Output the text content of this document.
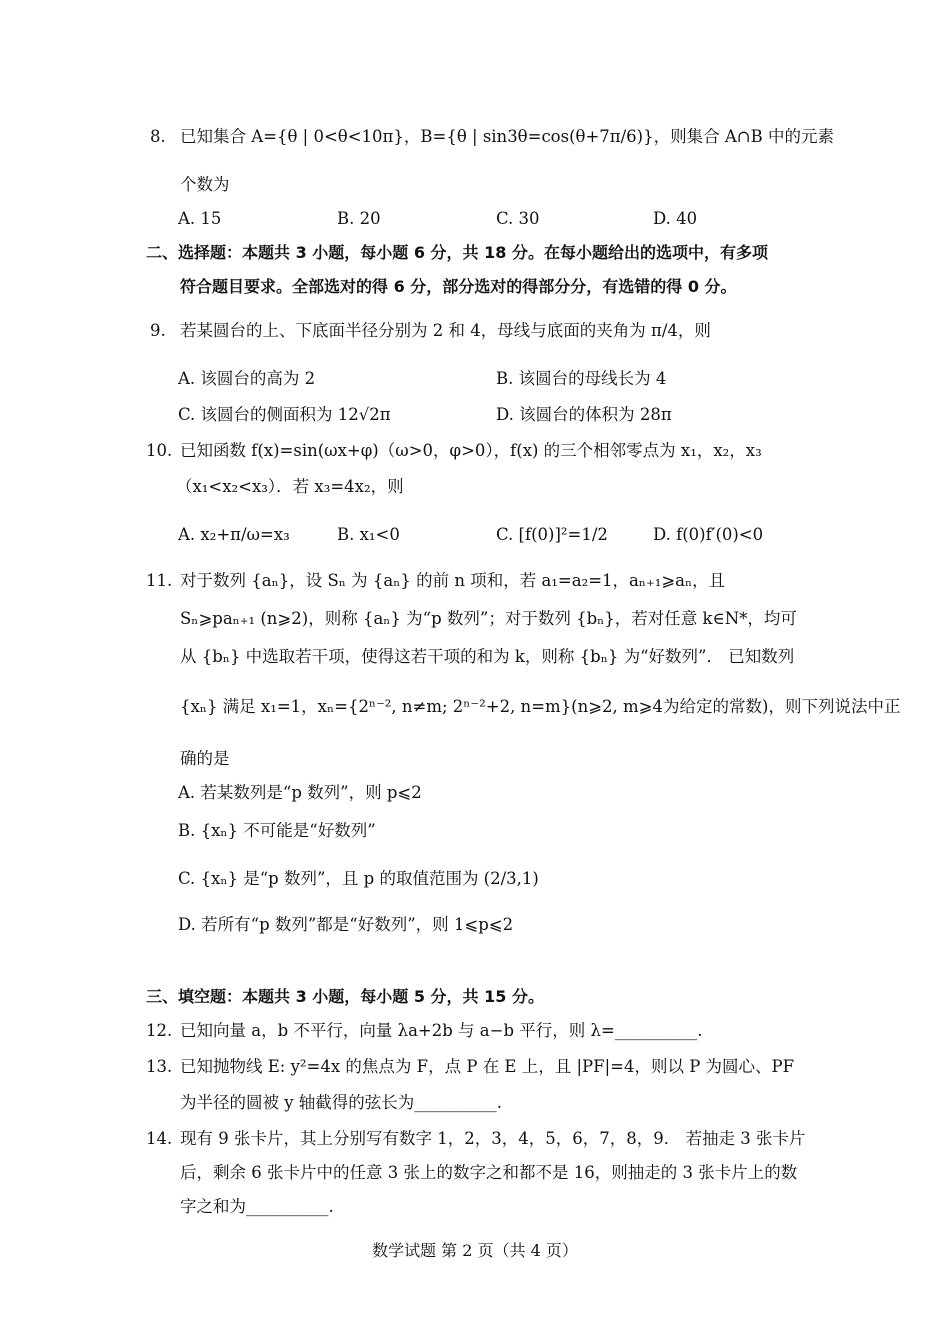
8. 已知集合 A={θ | 0<θ<10π}，B={θ | sin3θ=cos(θ+7π/6)}，则集合 A∩B 中的元素
个数为
A. 15	B. 20	C. 30	D. 40
二、选择题：本题共 3 小题，每小题 6 分，共 18 分。在每小题给出的选项中，有多项
符合题目要求。全部选对的得 6 分，部分选对的得部分分，有选错的得 0 分。
9. 若某圆台的上、下底面半径分别为 2 和 4，母线与底面的夹角为 π/4，则
A. 该圆台的高为 2	B. 该圆台的母线长为 4
C. 该圆台的侧面积为 12√2π	D. 该圆台的体积为 28π
10. 已知函数 f(x)=sin(ωx+φ)（ω>0，φ>0），f(x) 的三个相邻零点为 x₁，x₂，x₃
（x₁<x₂<x₃）．若 x₃=4x₂，则
A. x₂+π/ω=x₃	B. x₁<0	C. [f(0)]²=1/2	D. f(0)f′(0)<0
11. 对于数列 {aₙ}，设 Sₙ 为 {aₙ} 的前 n 项和，若 a₁=a₂=1，aₙ₊₁⩾aₙ，且
Sₙ⩾paₙ₊₁ (n⩾2)，则称 {aₙ} 为“p 数列”；对于数列 {bₙ}，若对任意 k∈N*，均可
从 {bₙ} 中选取若干项，使得这若干项的和为 k，则称 {bₙ} 为“好数列”． 已知数列
{xₙ} 满足 x₁=1，xₙ={2ⁿ⁻², n≠m; 2ⁿ⁻²+2, n=m}(n⩾2, m⩾4为给定的常数)，则下列说法中正
确的是
A. 若某数列是“p 数列”，则 p⩽2
B. {xₙ} 不可能是“好数列”
C. {xₙ} 是“p 数列”，且 p 的取值范围为 (2/3,1)
D. 若所有“p 数列”都是“好数列”，则 1⩽p⩽2
三、填空题：本题共 3 小题，每小题 5 分，共 15 分。
12. 已知向量 a，b 不平行，向量 λa+2b 与 a−b 平行，则 λ=__________.
13. 已知抛物线 E: y²=4x 的焦点为 F，点 P 在 E 上，且 |PF|=4，则以 P 为圆心、PF
为半径的圆被 y 轴截得的弦长为__________.
14. 现有 9 张卡片，其上分别写有数字 1，2，3，4，5，6，7，8，9． 若抽走 3 张卡片
后，剩余 6 张卡片中的任意 3 张上的数字之和都不是 16，则抽走的 3 张卡片上的数
字之和为__________.
数学试题 第 2 页（共 4 页）
